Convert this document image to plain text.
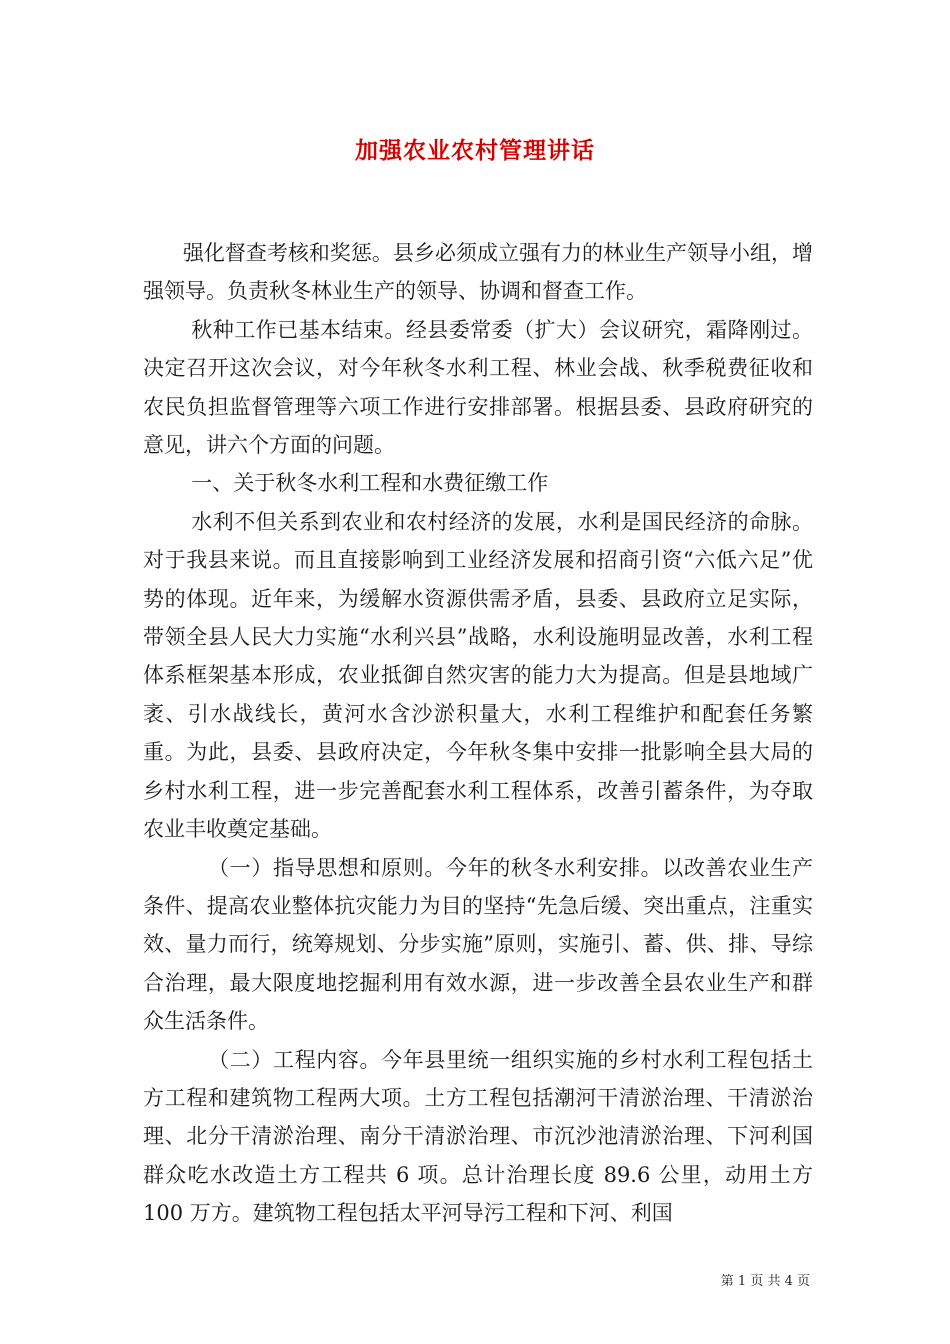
加强农业农村管理讲话

强化督查考核和奖惩。县乡必须成立强有力的林业生产领导小组，增强领导。负责秋冬林业生产的领导、协调和督查工作。

秋种工作已基本结束。经县委常委（扩大）会议研究，霜降刚过。决定召开这次会议，对今年秋冬水利工程、林业会战、秋季税费征收和农民负担监督管理等六项工作进行安排部署。根据县委、县政府研究的意见，讲六个方面的问题。

一、关于秋冬水利工程和水费征缴工作

水利不但关系到农业和农村经济的发展，水利是国民经济的命脉。对于我县来说。而且直接影响到工业经济发展和招商引资“六低六足”优势的体现。近年来，为缓解水资源供需矛盾，县委、县政府立足实际，带领全县人民大力实施“水利兴县”战略，水利设施明显改善，水利工程体系框架基本形成，农业抵御自然灾害的能力大为提高。但是县地域广袤、引水战线长，黄河水含沙淤积量大，水利工程维护和配套任务繁重。为此，县委、县政府决定，今年秋冬集中安排一批影响全县大局的乡村水利工程，进一步完善配套水利工程体系，改善引蓄条件，为夺取农业丰收奠定基础。

（一）指导思想和原则。今年的秋冬水利安排。以改善农业生产条件、提高农业整体抗灾能力为目的坚持“先急后缓、突出重点，注重实效、量力而行，统筹规划、分步实施”原则，实施引、蓄、供、排、导综合治理，最大限度地挖掘利用有效水源，进一步改善全县农业生产和群众生活条件。

（二）工程内容。今年县里统一组织实施的乡村水利工程包括土方工程和建筑物工程两大项。土方工程包括潮河干清淤治理、干清淤治理、北分干清淤治理、南分干清淤治理、市沉沙池清淤治理、下河利国群众吃水改造土方工程共 6 项。总计治理长度 89.6 公里，动用土方 100 万方。建筑物工程包括太平河导污工程和下河、利国

第 1 页 共 4 页
